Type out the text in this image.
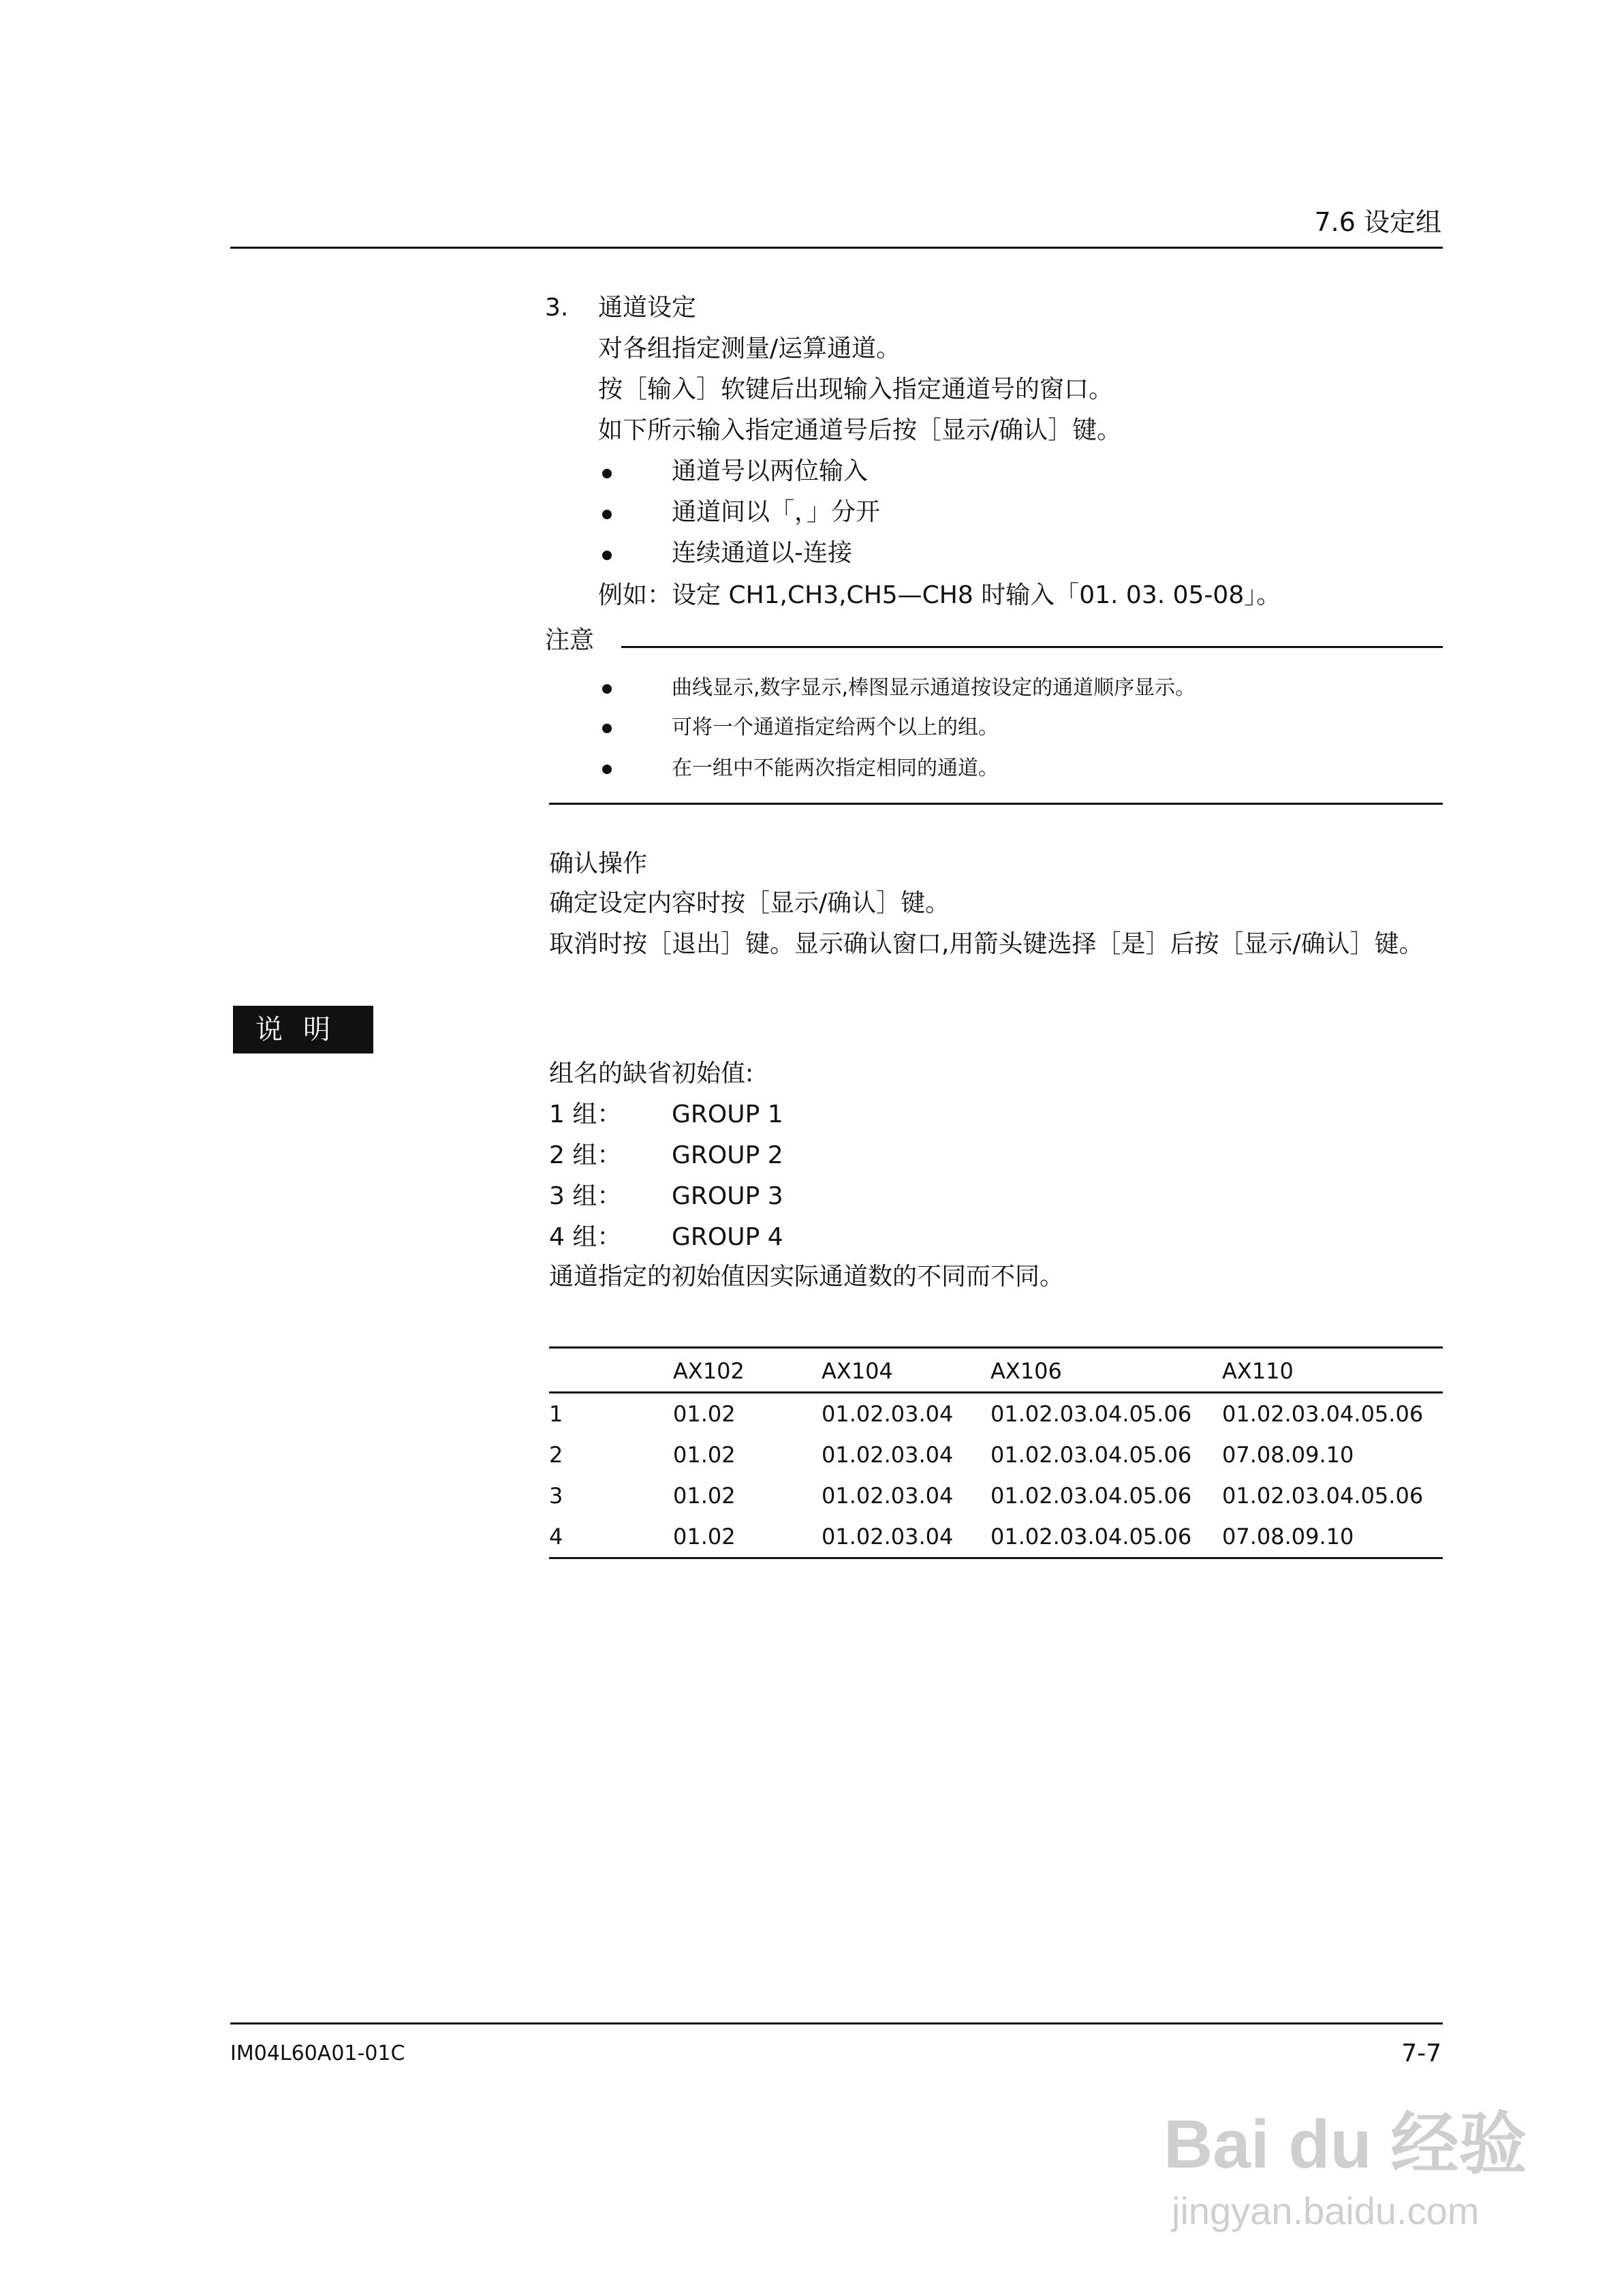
7.6 设定组
3. 通道设定
对各组指定测量/运算通道。
按［输入］软键后出现输入指定通道号的窗口。
如下所示输入指定通道号后按［显示/确认］键。
通道号以两位输入
通道间以「，」分开
连续通道以-连接
例如：设定 CH1,CH3,CH5—CH8 时输入「01. 03. 05-08」。
注意
曲线显示,数字显示,棒图显示通道按设定的通道顺序显示。
可将一个通道指定给两个以上的组。
在一组中不能两次指定相同的通道。
确认操作
确定设定内容时按［显示/确认］键。
取消时按［退出］键。显示确认窗口,用箭头键选择［是］后按［显示/确认］键。
说明
组名的缺省初始值:
1 组： GROUP 1
2 组： GROUP 2
3 组： GROUP 3
4 组： GROUP 4
通道指定的初始值因实际通道数的不同而不同。
	AX102	AX104	AX106	AX110
1	01.02	01.02.03.04	01.02.03.04.05.06	01.02.03.04.05.06
2	01.02	01.02.03.04	01.02.03.04.05.06	07.08.09.10
3	01.02	01.02.03.04	01.02.03.04.05.06	01.02.03.04.05.06
4	01.02	01.02.03.04	01.02.03.04.05.06	07.08.09.10
IM04L60A01-01C	7-7
Bai du 经验
jingyan.baidu.com
